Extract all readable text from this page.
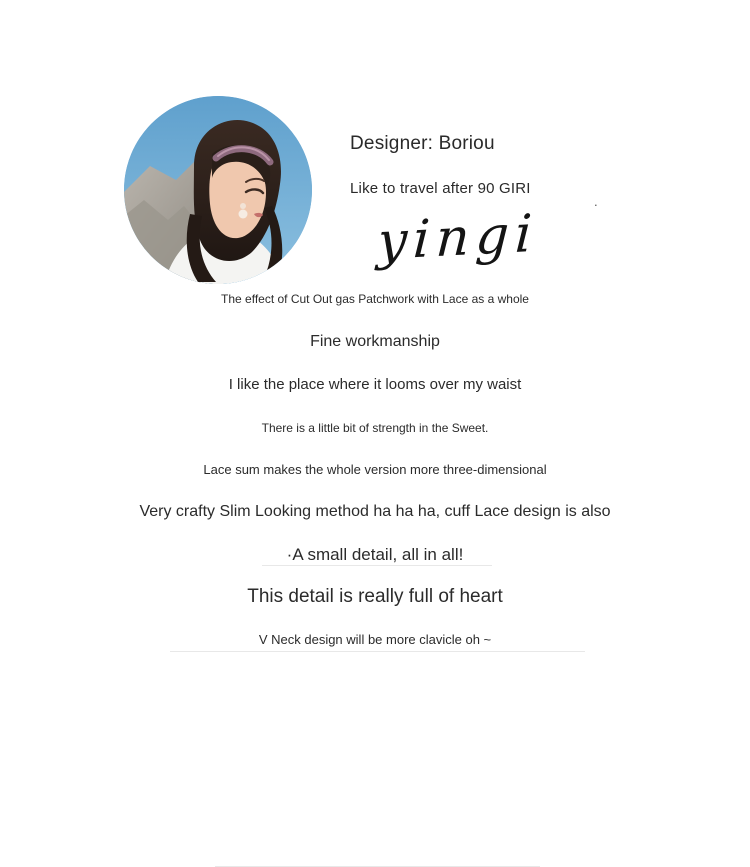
Designer: Boriou
Like to travel after 90 GIRI
.
yingi
The effect of Cut Out gas Patchwork with Lace as a whole
Fine workmanship
I like the place where it looms over my waist
There is a little bit of strength in the Sweet.
Lace sum makes the whole version more three-dimensional
Very crafty Slim Looking method ha ha ha, cuff Lace design is also
·A small detail, all in all!
This detail is really full of heart
V Neck design will be more clavicle oh ~
